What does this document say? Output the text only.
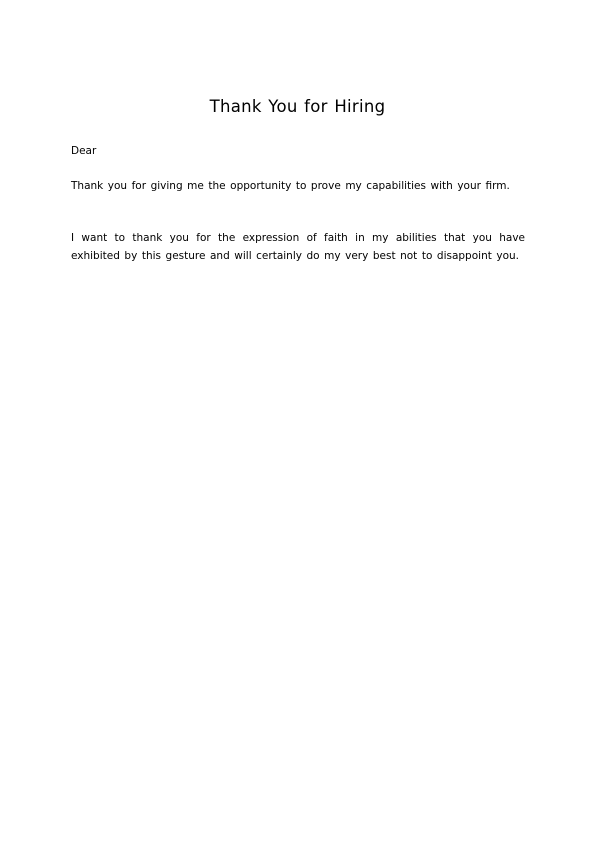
Thank You for Hiring
Dear
Thank you for giving me the opportunity to prove my capabilities with your firm.
I want to thank you for the expression of faith in my abilities that you have
exhibited by this gesture and will certainly do my very best not to disappoint you.
